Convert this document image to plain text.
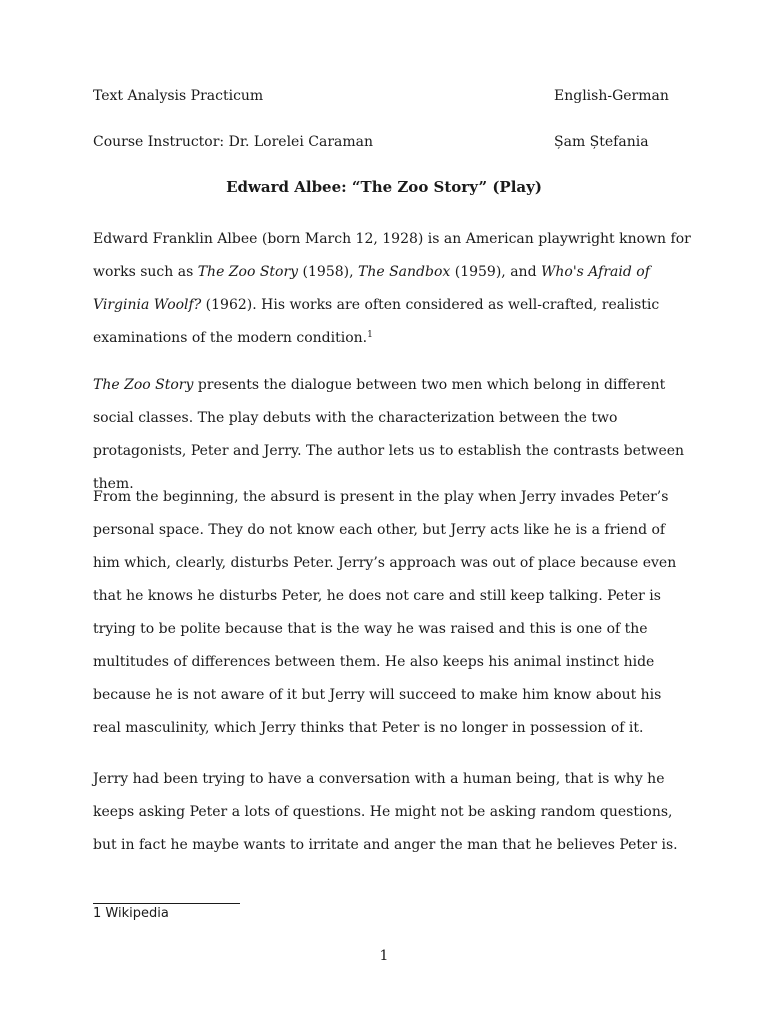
Text Analysis Practicum	English-German
Course Instructor: Dr. Lorelei Caraman	Șam Ștefania
Edward Albee: “The Zoo Story” (Play)

Edward Franklin Albee (born March 12, 1928) is an American playwright known for works such as The Zoo Story (1958), The Sandbox (1959), and Who's Afraid of Virginia Woolf? (1962). His works are often considered as well-crafted, realistic examinations of the modern condition.$^1$

The Zoo Story presents the dialogue between two men which belong in different social classes. The play debuts with the characterization between the two protagonists, Peter and Jerry. The author lets us to establish the contrasts between them.

From the beginning, the absurd is present in the play when Jerry invades Peter’s personal space. They do not know each other, but Jerry acts like he is a friend of him which, clearly, disturbs Peter. Jerry’s approach was out of place because even that he knows he disturbs Peter, he does not care and still keep talking. Peter is trying to be polite because that is the way he was raised and this is one of the multitudes of differences between them. He also keeps his animal instinct hide because he is not aware of it but Jerry will succeed to make him know about his real masculinity, which Jerry thinks that Peter is no longer in possession of it.

Jerry had been trying to have a conversation with a human being, that is why he keeps asking Peter a lots of questions. He might not be asking random questions, but in fact he maybe wants to irritate and anger the man that he believes Peter is.

1 Wikipedia
1
